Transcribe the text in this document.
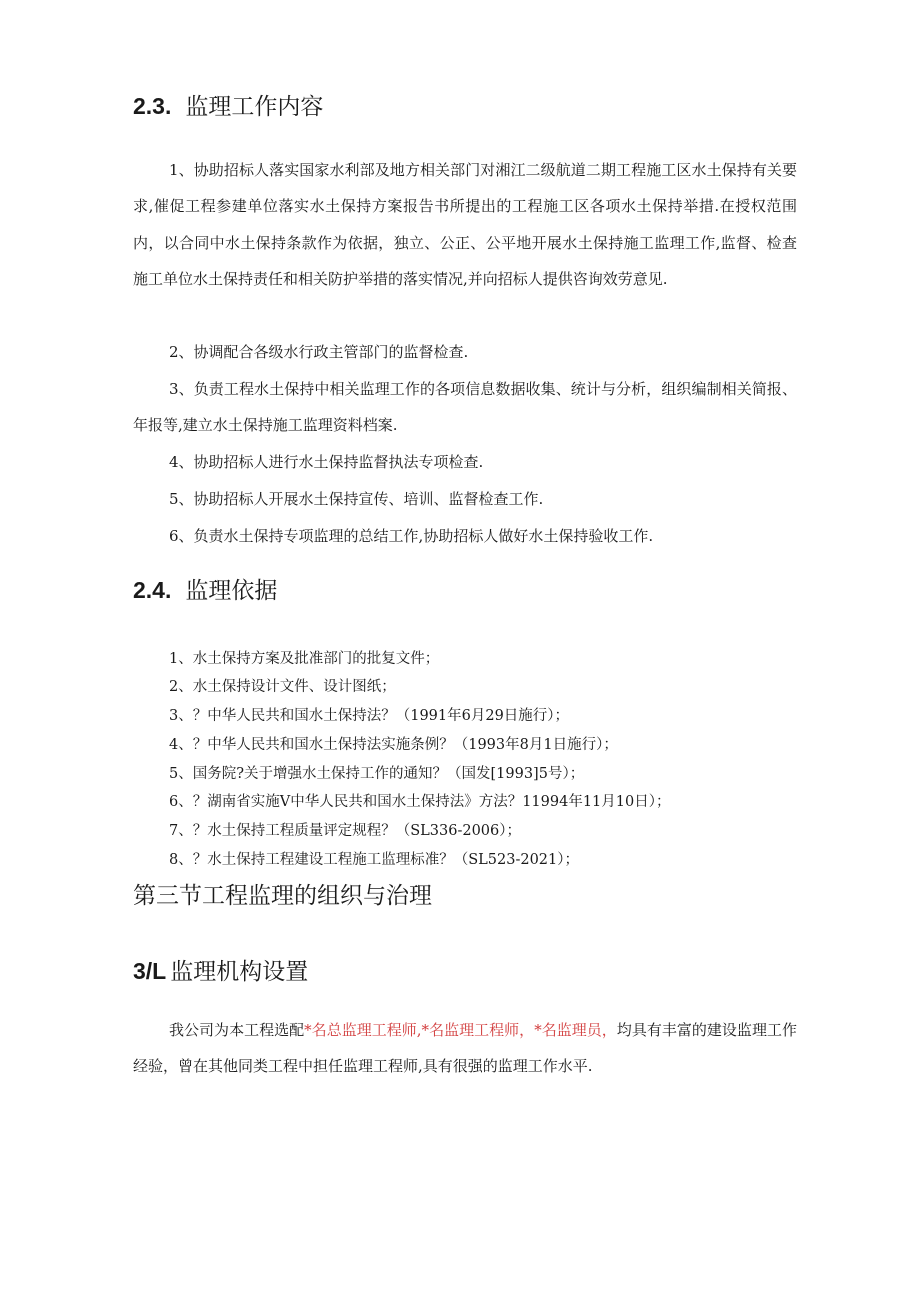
2.3. 监理工作内容

1、协助招标人落实国家水利部及地方相关部门对湘江二级航道二期工程施工区水土保持有关要求,催促工程参建单位落实水土保持方案报告书所提出的工程施工区各项水土保持举措.在授权范围内，以合同中水土保持条款作为依据，独立、公正、公平地开展水土保持施工监理工作,监督、检查施工单位水土保持责任和相关防护举措的落实情况,并向招标人提供咨询效劳意见.

2、协调配合各级水行政主管部门的监督检查.

3、负责工程水土保持中相关监理工作的各项信息数据收集、统计与分析，组织编制相关简报、年报等,建立水土保持施工监理资料档案.

4、协助招标人进行水土保持监督执法专项检查.

5、协助招标人开展水土保持宣传、培训、监督检查工作.

6、负责水土保持专项监理的总结工作,协助招标人做好水土保持验收工作.

2.4. 监理依据
1、水土保持方案及批准部门的批复文件；
2、水土保持设计文件、设计图纸；
3、？中华人民共和国水土保持法？（1991年6月29日施行）；
4、？中华人民共和国水土保持法实施条例？（1993年8月1日施行）；
5、国务院?关于增强水土保持工作的通知？（国发[1993]5号）；
6、？湖南省实施Ⅴ中华人民共和国水土保持法》方法？11994年11月10日）；
7、？水土保持工程质量评定规程？（SL336-2006）；
8、？水土保持工程建设工程施工监理标准？（SL523-2021）；
第三节工程监理的组织与治理
3/L 监理机构设置

我公司为本工程选配*名总监理工程师,*名监理工程师，*名监理员，均具有丰富的建设监理工作经验，曾在其他同类工程中担任监理工程师,具有很强的监理工作水平.
